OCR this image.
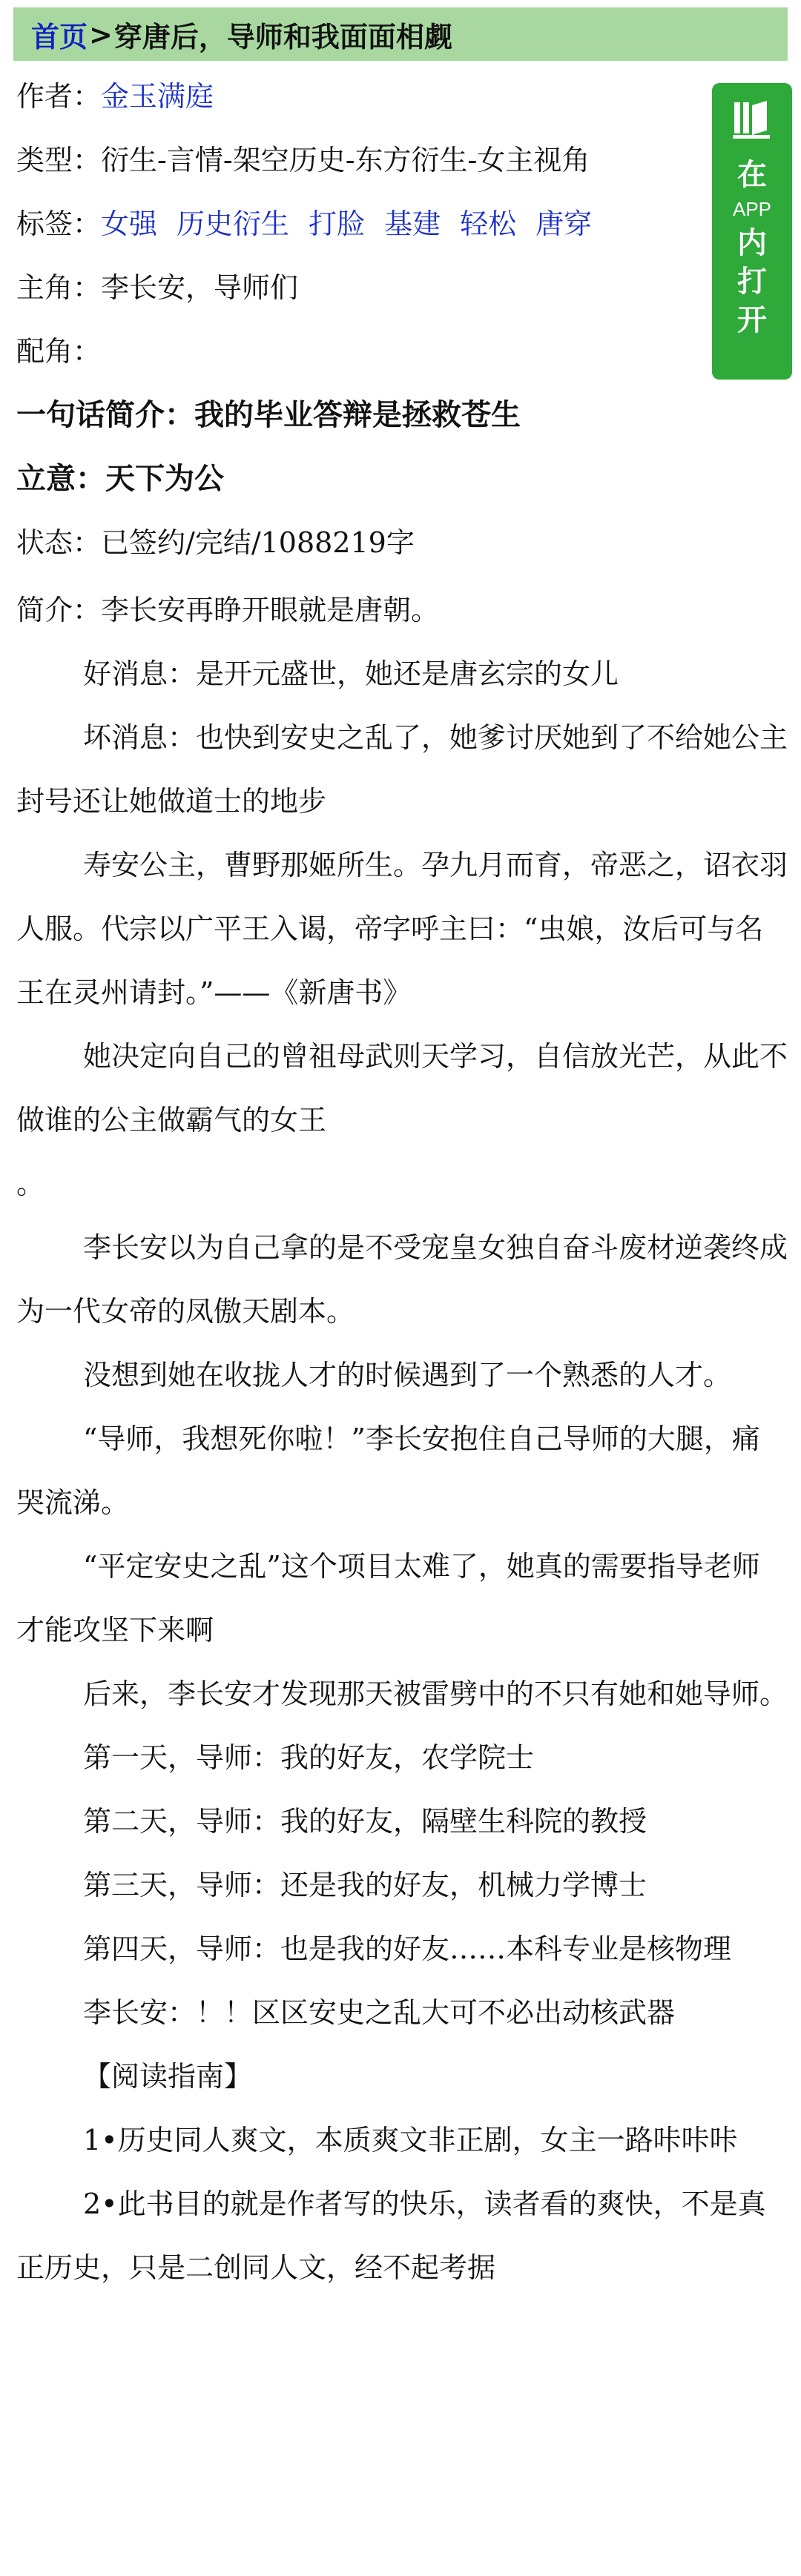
首页 > 穿唐后，导师和我面面相觑
作者：金玉满庭
类型：衍生-言情-架空历史-东方衍生-女主视角
标签：女强 历史衍生 打脸 基建 轻松 唐穿
主角：李长安，导师们
配角：
一句话简介：我的毕业答辩是拯救苍生
立意：天下为公
状态：已签约/完结/1088219字
在
APP
内
打
开

简介：李长安再睁开眼就是唐朝。

好消息：是开元盛世，她还是唐玄宗的女儿

坏消息：也快到安史之乱了，她爹讨厌她到了不给她公主封号还让她做道士的地步

寿安公主，曹野那姬所生。孕九月而育，帝恶之，诏衣羽人服。代宗以广平王入谒，帝字呼主曰：“虫娘，汝后可与名王在灵州请封。”——《新唐书》

她决定向自己的曾祖母武则天学习，自信放光芒，从此不做谁的公主做霸气的女王

。

李长安以为自己拿的是不受宠皇女独自奋斗废材逆袭终成为一代女帝的凤傲天剧本。

没想到她在收拢人才的时候遇到了一个熟悉的人才。

“导师，我想死你啦！”李长安抱住自己导师的大腿，痛哭流涕。

“平定安史之乱”这个项目太难了，她真的需要指导老师才能攻坚下来啊

后来，李长安才发现那天被雷劈中的不只有她和她导师。

第一天，导师：我的好友，农学院士

第二天，导师：我的好友，隔壁生科院的教授

第三天，导师：还是我的好友，机械力学博士

第四天，导师：也是我的好友……本科专业是核物理

李长安：！！区区安史之乱大可不必出动核武器

【阅读指南】

1•历史同人爽文，本质爽文非正剧，女主一路咔咔咔

2•此书目的就是作者写的快乐，读者看的爽快，不是真正历史，只是二创同人文，经不起考据
